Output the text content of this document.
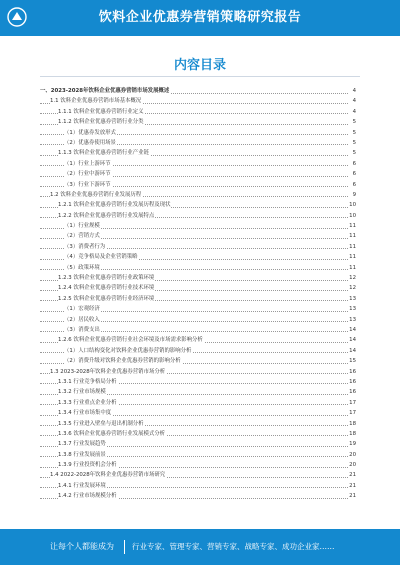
饮料企业优惠券营销策略研究报告
内容目录
一、2023-2028年饮料企业优惠券营销市场发展概述	4
1.1 饮料企业优惠券营销市场基本概况	4
1.1.1 饮料企业优惠券营销行业定义	4
1.1.2 饮料企业优惠券营销行业分类	5
（1）优惠券发放形式	5
（2）优惠券使用场景	5
1.1.3 饮料企业优惠券营销行业产业链	5
（1）行业上游环节	6
（2）行业中游环节	6
（3）行业下游环节	6
1.2 饮料企业优惠券营销行业发展历程	9
1.2.1 饮料企业优惠券营销行业发展历程及现状	10
1.2.2 饮料企业优惠券营销行业发展特点	10
（1）行业规模	11
（2）营销方式	11
（3）消费者行为	11
（4）竞争格局及企业营销策略	11
（5）政策环境	11
1.2.3 饮料企业优惠券营销行业政策环境	12
1.2.4 饮料企业优惠券营销行业技术环境	12
1.2.5 饮料企业优惠券营销行业经济环境	13
（1）宏观经济	13
（2）居民收入	13
（3）消费支出	14
1.2.6 饮料企业优惠券营销行业社会环境及市场需求影响分析	14
（1）人口结构变化对饮料企业优惠券营销的影响分析	14
（2）消费升级对饮料企业优惠券营销的影响分析	15
1.3 2023-2028年饮料企业优惠券营销市场分析	16
1.3.1 行业竞争格局分析	16
1.3.2 行业市场规模	16
1.3.3 行业重点企业分析	17
1.3.4 行业市场集中度	17
1.3.5 行业进入壁垒与退出机制分析	18
1.3.6 饮料企业优惠券营销行业发展模式分析	18
1.3.7 行业发展趋势	19
1.3.8 行业发展前景	20
1.3.9 行业投资机会分析	20
1.4 2022-2028年饮料企业优惠券营销市场研究	21
1.4.1 行业发展环境	21
1.4.2 行业市场规模分析	21
让每个人都能成为 行业专家、管理专家、营销专家、战略专家、成功企业家……
